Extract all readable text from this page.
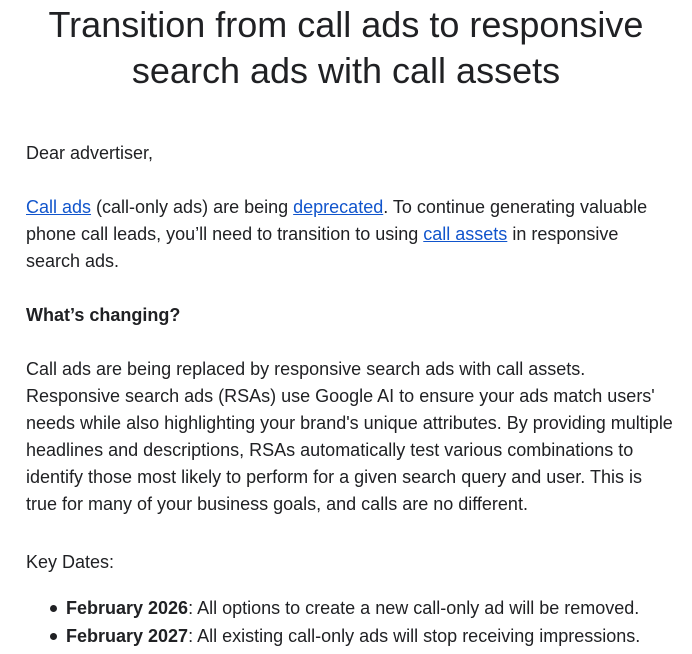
Transition from call ads to responsive search ads with call assets

Dear advertiser,

Call ads (call-only ads) are being deprecated. To continue generating valuable phone call leads, you’ll need to transition to using call assets in responsive search ads.

What’s changing?

Call ads are being replaced by responsive search ads with call assets. Responsive search ads (RSAs) use Google AI to ensure your ads match users' needs while also highlighting your brand's unique attributes. By providing multiple headlines and descriptions, RSAs automatically test various combinations to identify those most likely to perform for a given search query and user. This is true for many of your business goals, and calls are no different.

Key Dates:

February 2026: All options to create a new call-only ad will be removed.
February 2027: All existing call-only ads will stop receiving impressions.
